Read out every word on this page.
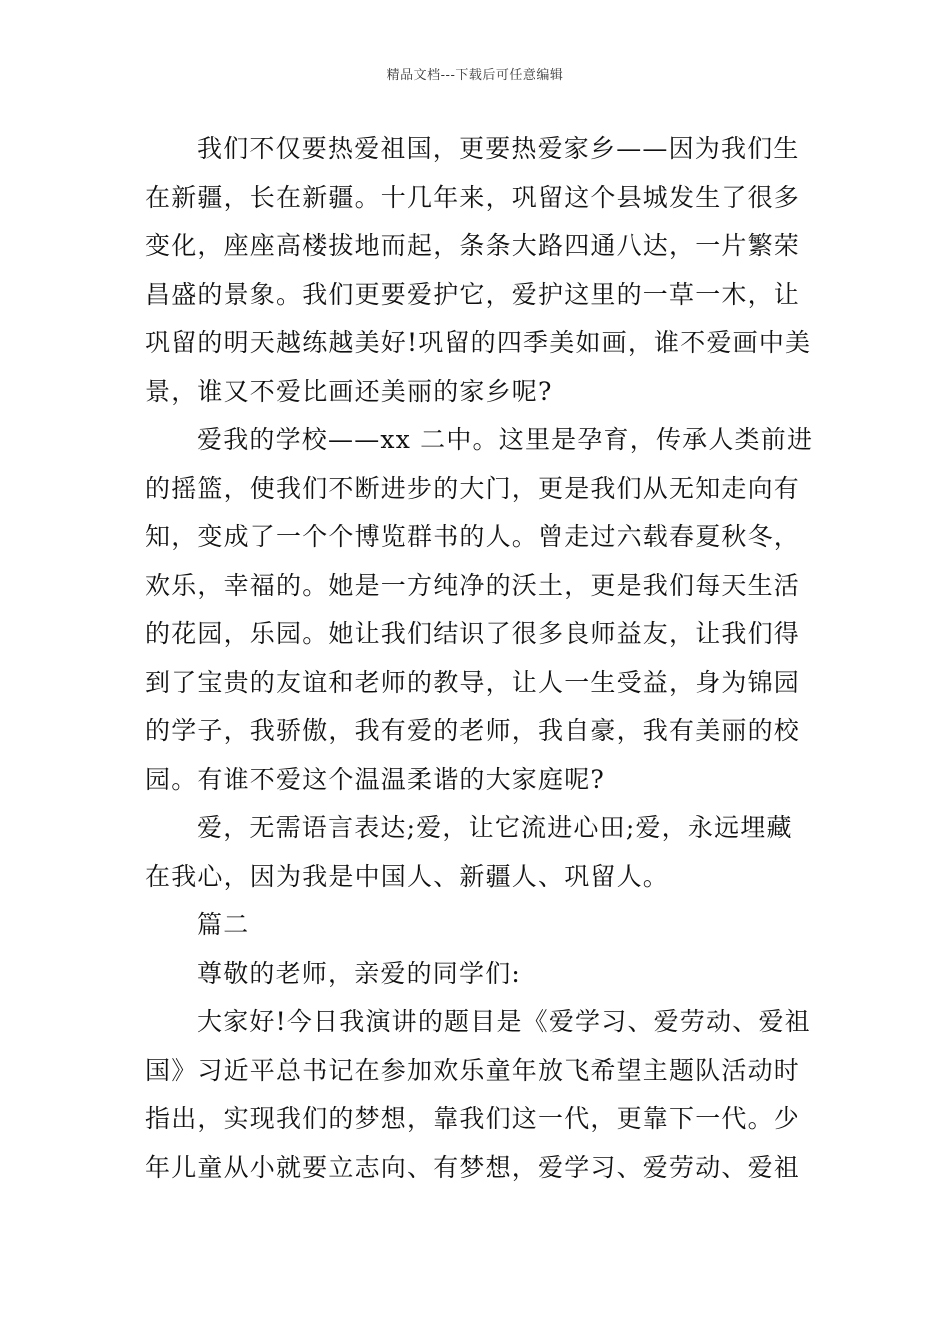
精品文档---下载后可任意编辑
我们不仅要热爱祖国，更要热爱家乡——因为我们生
在新疆，长在新疆。十几年来，巩留这个县城发生了很多
变化，座座高楼拔地而起，条条大路四通八达，一片繁荣
昌盛的景象。我们更要爱护它，爱护这里的一草一木，让
巩留的明天越练越美好!巩留的四季美如画，谁不爱画中美
景，谁又不爱比画还美丽的家乡呢?
爱我的学校——xx 二中。这里是孕育，传承人类前进
的摇篮，使我们不断进步的大门，更是我们从无知走向有
知，变成了一个个博览群书的人。曾走过六载春夏秋冬，
欢乐，幸福的。她是一方纯净的沃土，更是我们每天生活
的花园，乐园。她让我们结识了很多良师益友，让我们得
到了宝贵的友谊和老师的教导，让人一生受益，身为锦园
的学子，我骄傲，我有爱的老师，我自豪，我有美丽的校
园。有谁不爱这个温温柔谐的大家庭呢?
爱，无需语言表达;爱，让它流进心田;爱，永远埋藏
在我心，因为我是中国人、新疆人、巩留人。
篇二
尊敬的老师，亲爱的同学们:
大家好!今日我演讲的题目是《爱学习、爱劳动、爱祖
国》习近平总书记在参加欢乐童年放飞希望主题队活动时
指出，实现我们的梦想，靠我们这一代，更靠下一代。少
年儿童从小就要立志向、有梦想，爱学习、爱劳动、爱祖
